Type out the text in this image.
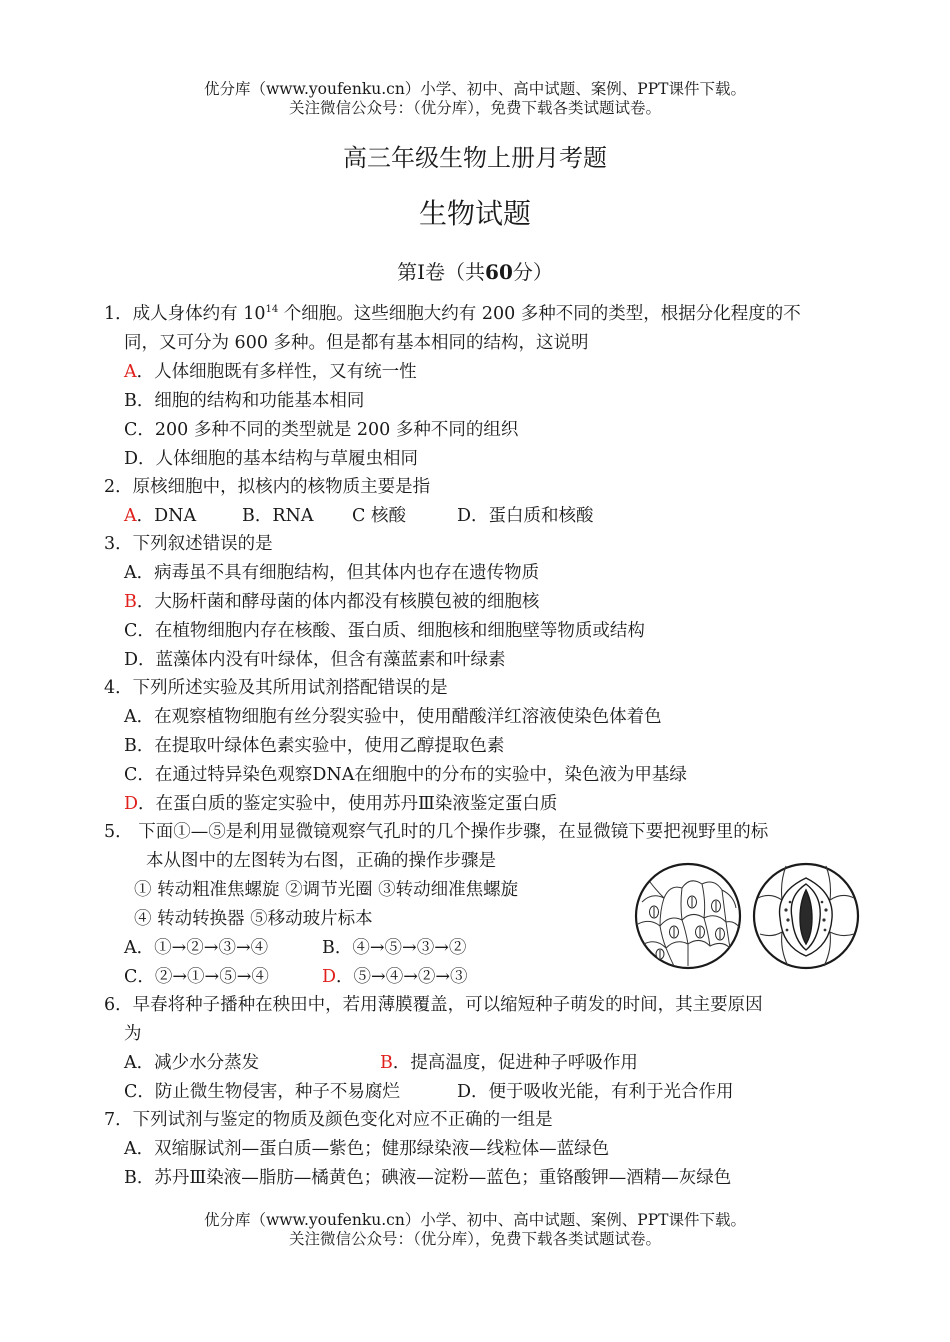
优分库（www.youfenku.cn）小学、初中、高中试题、案例、PPT课件下载。
关注微信公众号：（优分库），免费下载各类试题试卷。
高三年级生物上册月考题
生物试题
第Ⅰ卷（共60分）
1．成人身体约有 $10^{14}$ 个细胞。这些细胞大约有 200 多种不同的类型，根据分化程度的不
同，又可分为 600 多种。但是都有基本相同的结构，这说明
A．人体细胞既有多样性，又有统一性
B．细胞的结构和功能基本相同
C．200 多种不同的类型就是 200 多种不同的组织
D．人体细胞的基本结构与草履虫相同
2．原核细胞中，拟核内的核物质主要是指
A．DNA	B．RNA C 核酸	D．蛋白质和核酸
3．下列叙述错误的是
A．病毒虽不具有细胞结构，但其体内也存在遗传物质
B．大肠杆菌和酵母菌的体内都没有核膜包被的细胞核
C．在植物细胞内存在核酸、蛋白质、细胞核和细胞壁等物质或结构
D．蓝藻体内没有叶绿体，但含有藻蓝素和叶绿素
4．下列所述实验及其所用试剂搭配错误的是
A．在观察植物细胞有丝分裂实验中，使用醋酸洋红溶液使染色体着色
B．在提取叶绿体色素实验中，使用乙醇提取色素
C．在通过特异染色观察DNA在细胞中的分布的实验中，染色液为甲基绿
D．在蛋白质的鉴定实验中，使用苏丹Ⅲ染液鉴定蛋白质
5． 下面①—⑤是利用显微镜观察气孔时的几个操作步骤，在显微镜下要把视野里的标
本从图中的左图转为右图，正确的操作步骤是
① 转动粗准焦螺旋 ②调节光圈 ③转动细准焦螺旋
④ 转动转换器 ⑤移动玻片标本
A．①→②→③→④	B．④→⑤→③→②
C．②→①→⑤→④	D．⑤→④→②→③
6．早春将种子播种在秧田中，若用薄膜覆盖，可以缩短种子萌发的时间，其主要原因
为
A．减少水分蒸发	B．提高温度，促进种子呼吸作用
C．防止微生物侵害，种子不易腐烂	D．便于吸收光能，有利于光合作用
7．下列试剂与鉴定的物质及颜色变化对应不正确的一组是
A．双缩脲试剂—蛋白质—紫色；健那绿染液—线粒体—蓝绿色
B．苏丹Ⅲ染液—脂肪—橘黄色；碘液—淀粉—蓝色；重铬酸钾—酒精—灰绿色
优分库（www.youfenku.cn）小学、初中、高中试题、案例、PPT课件下载。
关注微信公众号：（优分库），免费下载各类试题试卷。
